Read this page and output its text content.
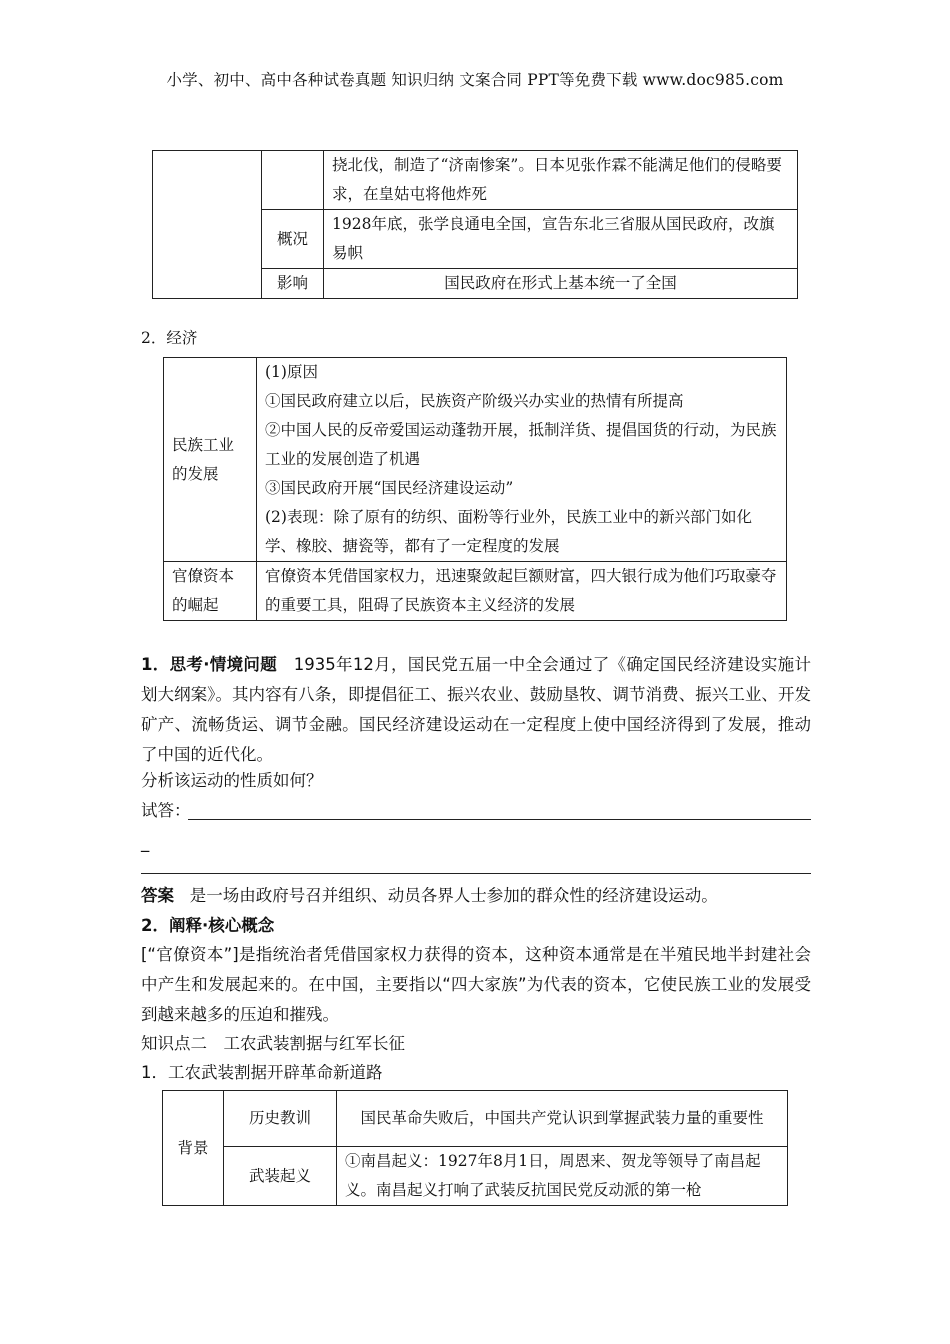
小学、初中、高中各种试卷真题 知识归纳 文案合同 PPT等免费下载 www.doc985.com
		挠北伐，制造了“济南惨案”。日本见张作霖不能满足他们的侵略要求，在皇姑屯将他炸死
	概况	1928年底，张学良通电全国，宣告东北三省服从国民政府，改旗易帜
	影响	国民政府在形式上基本统一了全国
2．经济
民族工业的发展	(1)原因
①国民政府建立以后，民族资产阶级兴办实业的热情有所提高
②中国人民的反帝爱国运动蓬勃开展，抵制洋货、提倡国货的行动，为民族工业的发展创造了机遇
③国民政府开展“国民经济建设运动”
(2)表现：除了原有的纺织、面粉等行业外，民族工业中的新兴部门如化学、橡胶、搪瓷等，都有了一定程度的发展

官僚资本的崛起	官僚资本凭借国家权力，迅速聚敛起巨额财富，四大银行成为他们巧取豪夺的重要工具，阻碍了民族资本主义经济的发展
1．思考·情境问题 1935年12月，国民党五届一中全会通过了《确定国民经济建设实施计划大纲案》。其内容有八条，即提倡征工、振兴农业、鼓励垦牧、调节消费、振兴工业、开发矿产、流畅货运、调节金融。国民经济建设运动在一定程度上使中国经济得到了发展，推动了中国的近代化。
分析该运动的性质如何？
试答：
_
答案 是一场由政府号召并组织、动员各界人士参加的群众性的经济建设运动。
2．阐释·核心概念
[“官僚资本”]是指统治者凭借国家权力获得的资本，这种资本通常是在半殖民地半封建社会中产生和发展起来的。在中国，主要指以“四大家族”为代表的资本，它使民族工业的发展受到越来越多的压迫和摧残。
知识点二　工农武装割据与红军长征
1．工农武装割据开辟革命新道路
背景	历史教训	国民革命失败后，中国共产党认识到掌握武装力量的重要性
	武装起义	①南昌起义：1927年8月1日，周恩来、贺龙等领导了南昌起义。南昌起义打响了武装反抗国民党反动派的第一枪
